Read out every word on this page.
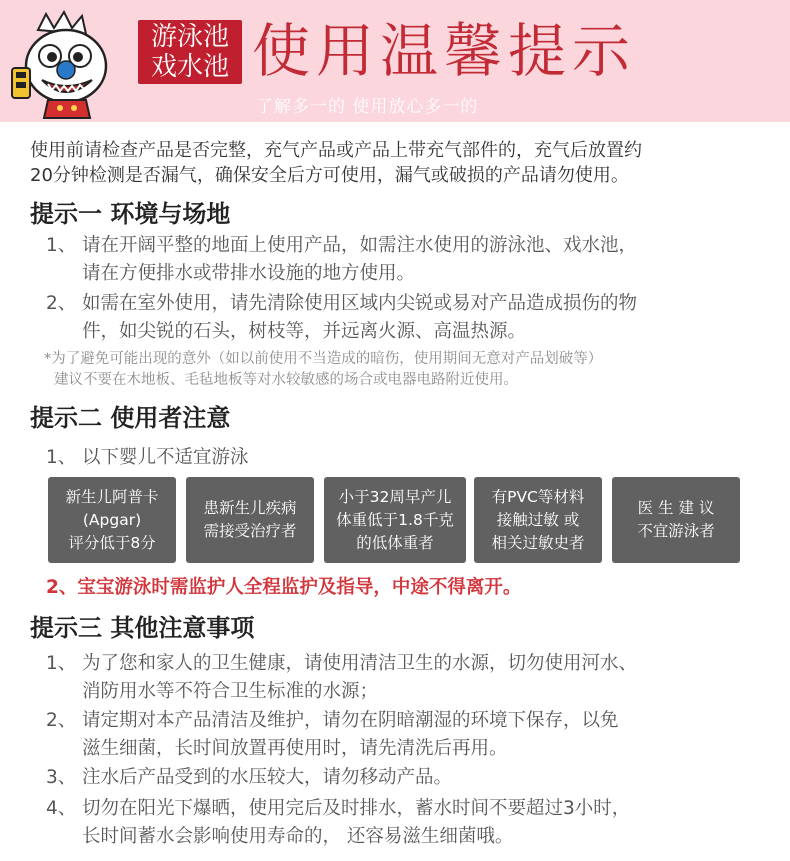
游泳池
戏水池 使用温馨提示
了解多一的 使用放心多一的
使用前请检查产品是否完整，充气产品或产品上带充气部件的，充气后放置约
20分钟检测是否漏气，确保安全后方可使用，漏气或破损的产品请勿使用。
提示一 环境与场地
1、 请在开阔平整的地面上使用产品，如需注水使用的游泳池、戏水池，
请在方便排水或带排水设施的地方使用。
2、 如需在室外使用，请先清除使用区域内尖锐或易对产品造成损伤的物
件，如尖锐的石头，树枝等，并远离火源、高温热源。
*为了避免可能出现的意外（如以前使用不当造成的暗伤，使用期间无意对产品划破等）
建议不要在木地板、毛毡地板等对水较敏感的场合或电器电路附近使用。
提示二 使用者注意
1、 以下婴儿不适宜游泳
新生儿阿普卡
(Apgar)
评分低于8分
患新生儿疾病
需接受治疗者
小于32周早产儿
体重低于1.8千克
的低体重者
有PVC等材料
接触过敏 或
相关过敏史者
医 生 建 议
不宜游泳者
2、宝宝游泳时需监护人全程监护及指导，中途不得离开。
提示三 其他注意事项
1、 为了您和家人的卫生健康，请使用清洁卫生的水源，切勿使用河水、
消防用水等不符合卫生标准的水源；
2、 请定期对本产品清洁及维护，请勿在阴暗潮湿的环境下保存，以免
滋生细菌，长时间放置再使用时，请先清洗后再用。
3、 注水后产品受到的水压较大，请勿移动产品。
4、 切勿在阳光下爆晒，使用完后及时排水，蓄水时间不要超过3小时，
长时间蓄水会影响使用寿命的， 还容易滋生细菌哦。
